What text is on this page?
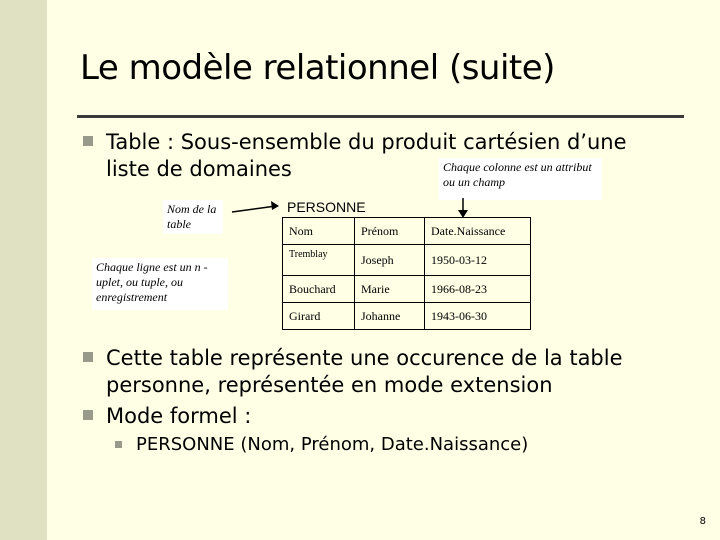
Le modèle relationnel (suite)
Table : Sous-ensemble du produit cartésien d’une
liste de domaines	Chaque colonne est un attribut ou un champ
Nom de la table
Chaque ligne est un n -uplet, ou tuple, ou enregistrement
PERSONNE
Nom	Prénom	Date.Naissance
Tremblay	Joseph	1950-03-12
Bouchard	Marie	1966-08-23
Girard	Johanne	1943-06-30
Cette table représente une occurence de la table
personne, représentée en mode extension
Mode formel :
PERSONNE (Nom, Prénom, Date.Naissance)
8
